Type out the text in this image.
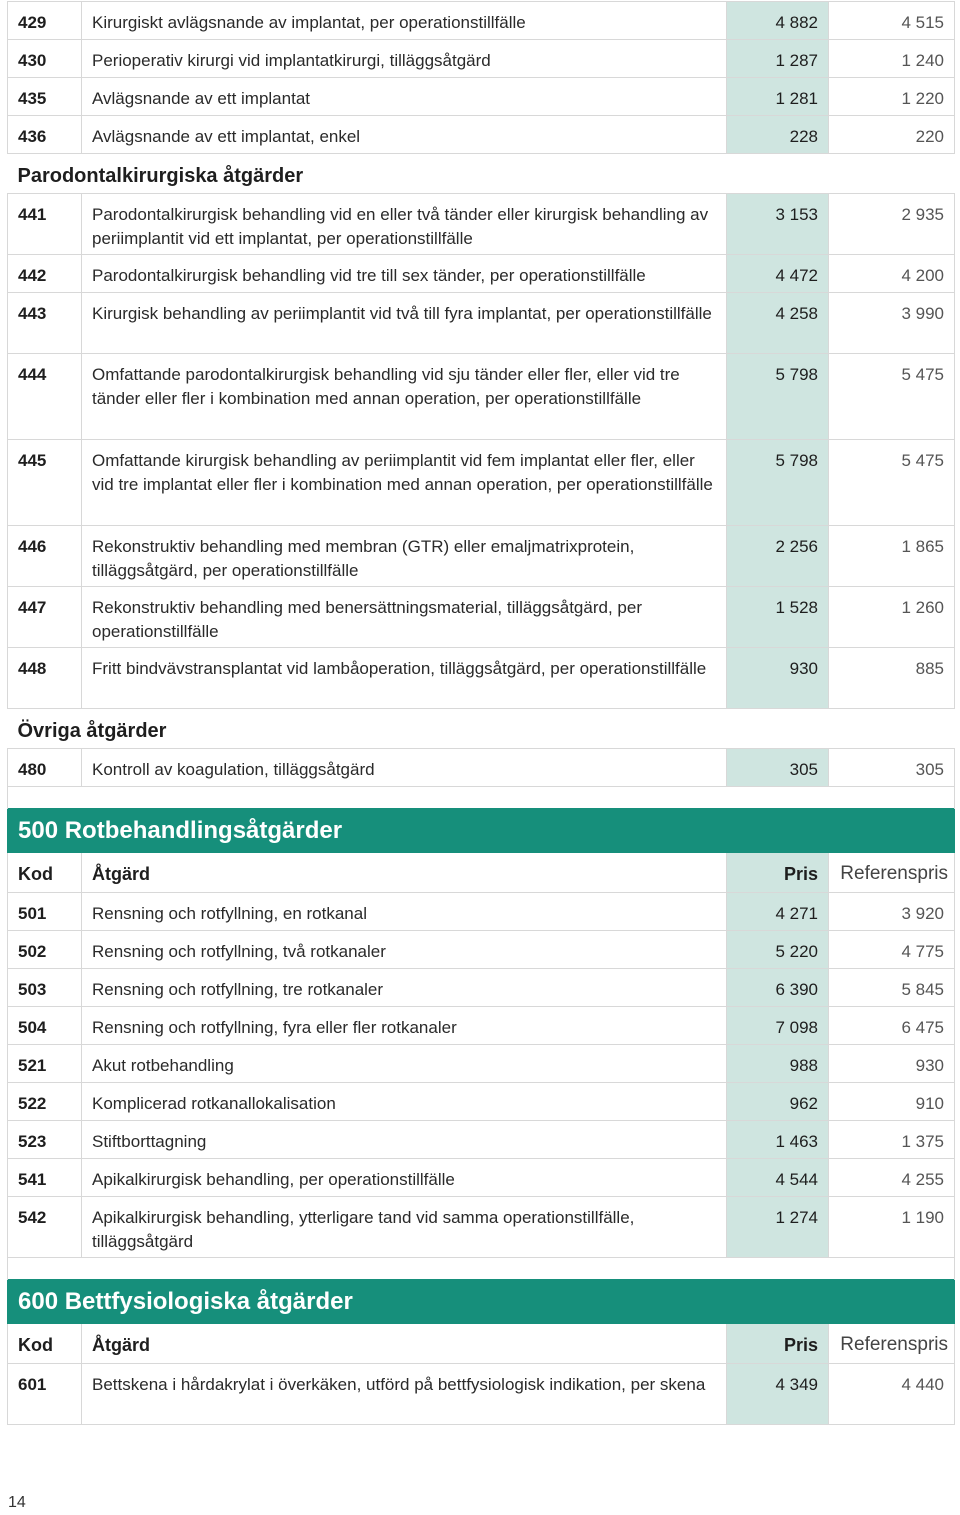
429	Kirurgiskt avlägsnande av implantat, per operationstillfälle	4 882	4 515
430	Perioperativ kirurgi vid implantatkirurgi, tilläggsåtgärd	1 287	1 240
435	Avlägsnande av ett implantat	1 281	1 220
436	Avlägsnande av ett implantat, enkel	228	220
Parodontalkirurgiska åtgärder			
441	Parodontalkirurgisk behandling vid en eller två tänder eller kirurgisk behandling av periimplantit vid ett implantat, per operationstillfälle	3 153	2 935
442	Parodontalkirurgisk behandling vid tre till sex tänder, per operationstillfälle	4 472	4 200
443	Kirurgisk behandling av periimplantit vid två till fyra implantat, per operationstillfälle	4 258	3 990
444	Omfattande parodontalkirurgisk behandling vid sju tänder eller fler, eller vid tre tänder eller fler i kombination med annan operation, per operationstillfälle	5 798	5 475
445	Omfattande kirurgisk behandling av periimplantit vid fem implantat eller fler, eller vid tre implantat eller fler i kombination med annan operation, per operationstillfälle	5 798	5 475
446	Rekonstruktiv behandling med membran (GTR) eller emaljmatrixprotein, tilläggsåtgärd, per operationstillfälle	2 256	1 865
447	Rekonstruktiv behandling med benersättningsmaterial, tilläggsåtgärd, per operationstillfälle	1 528	1 260
448	Fritt bindvävstransplantat vid lambåoperation, tilläggsåtgärd, per operationstillfälle	930	885
Övriga åtgärder			
480	Kontroll av koagulation, tilläggsåtgärd	305	305

500 Rotbehandlingsåtgärder			
Kod	Åtgärd	Pris	Referenspris
501	Rensning och rotfyllning, en rotkanal	4 271	3 920
502	Rensning och rotfyllning, två rotkanaler	5 220	4 775
503	Rensning och rotfyllning, tre rotkanaler	6 390	5 845
504	Rensning och rotfyllning, fyra eller fler rotkanaler	7 098	6 475
521	Akut rotbehandling	988	930
522	Komplicerad rotkanallokalisation	962	910
523	Stiftborttagning	1 463	1 375
541	Apikalkirurgisk behandling, per operationstillfälle	4 544	4 255
542	Apikalkirurgisk behandling, ytterligare tand vid samma operationstillfälle, tilläggsåtgärd	1 274	1 190

600 Bettfysiologiska åtgärder			
Kod	Åtgärd	Pris	Referenspris
601	Bettskena i hårdakrylat i överkäken, utförd på bettfysiologisk indikation, per skena	4 349	4 440
14
